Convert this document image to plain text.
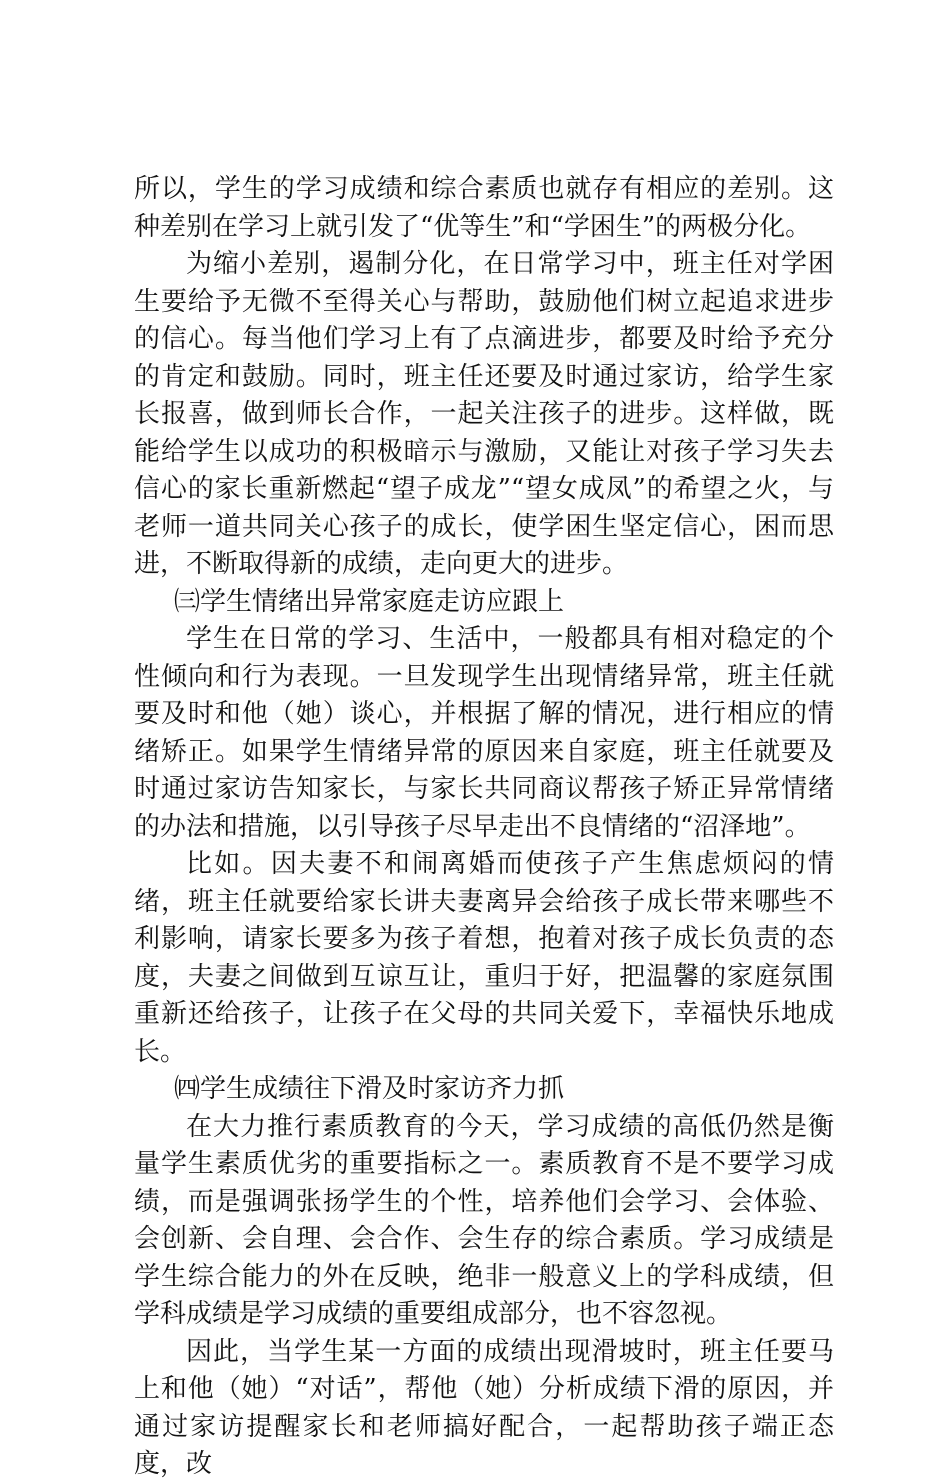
所以，学生的学习成绩和综合素质也就存有相应的差别。这种差别在学习上就引发了“优等生”和“学困生”的两极分化。

为缩小差别，遏制分化，在日常学习中，班主任对学困生要给予无微不至得关心与帮助，鼓励他们树立起追求进步的信心。每当他们学习上有了点滴进步，都要及时给予充分的肯定和鼓励。同时，班主任还要及时通过家访，给学生家长报喜，做到师长合作，一起关注孩子的进步。这样做，既能给学生以成功的积极暗示与激励，又能让对孩子学习失去信心的家长重新燃起“望子成龙”“望女成凤”的希望之火，与老师一道共同关心孩子的成长，使学困生坚定信心，困而思进，不断取得新的成绩，走向更大的进步。

㈢学生情绪出异常家庭走访应跟上

学生在日常的学习、生活中，一般都具有相对稳定的个性倾向和行为表现。一旦发现学生出现情绪异常，班主任就要及时和他（她）谈心，并根据了解的情况，进行相应的情绪矫正。如果学生情绪异常的原因来自家庭，班主任就要及时通过家访告知家长，与家长共同商议帮孩子矫正异常情绪的办法和措施，以引导孩子尽早走出不良情绪的“沼泽地”。

比如。因夫妻不和闹离婚而使孩子产生焦虑烦闷的情绪，班主任就要给家长讲夫妻离异会给孩子成长带来哪些不利影响，请家长要多为孩子着想，抱着对孩子成长负责的态度，夫妻之间做到互谅互让，重归于好，把温馨的家庭氛围重新还给孩子，让孩子在父母的共同关爱下，幸福快乐地成长。

㈣学生成绩往下滑及时家访齐力抓

在大力推行素质教育的今天，学习成绩的高低仍然是衡量学生素质优劣的重要指标之一。素质教育不是不要学习成绩，而是强调张扬学生的个性，培养他们会学习、会体验、会创新、会自理、会合作、会生存的综合素质。学习成绩是学生综合能力的外在反映，绝非一般意义上的学科成绩，但学科成绩是学习成绩的重要组成部分，也不容忽视。

因此，当学生某一方面的成绩出现滑坡时，班主任要马上和他（她）“对话”，帮他（她）分析成绩下滑的原因，并通过家访提醒家长和老师搞好配合，一起帮助孩子端正态度，改
